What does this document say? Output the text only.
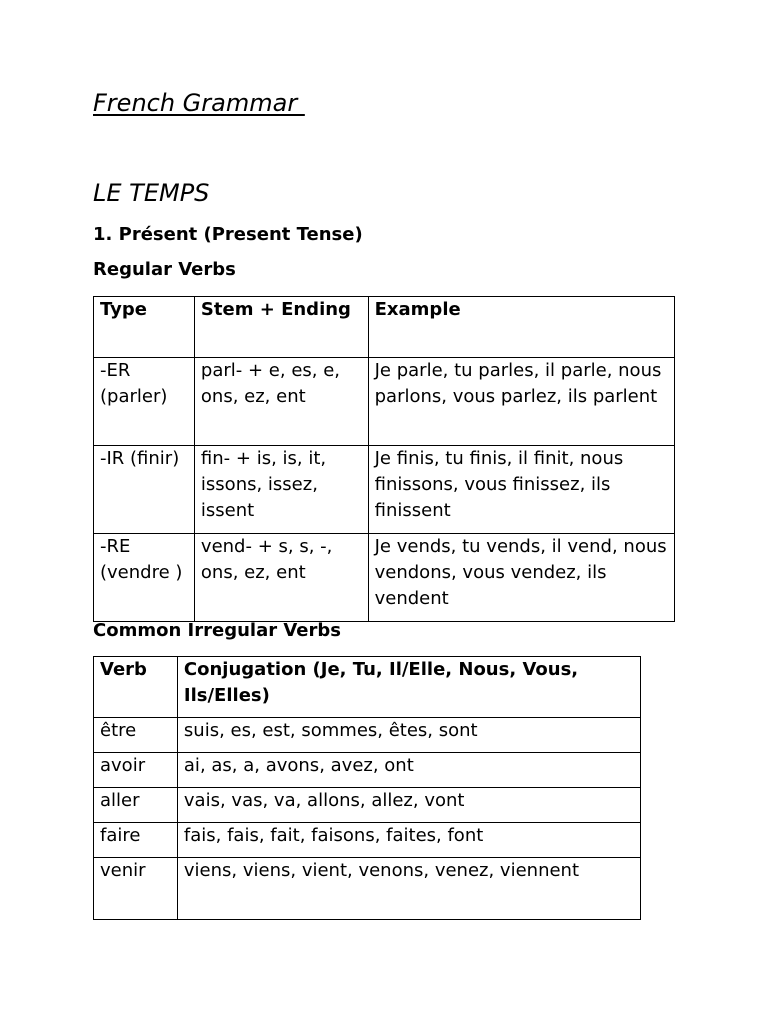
French Grammar
LE TEMPS
1. Présent (Present Tense)
Regular Verbs
Type	Stem + Ending	Example
-ER (parler)	parl- + e, es, e, ons, ez, ent	Je parle, tu parles, il parle, nous parlons, vous parlez, ils parlent
-IR (finir)	fin- + is, is, it, issons, issez, issent	Je finis, tu finis, il finit, nous finissons, vous finissez, ils finissent
-RE (vendre )	vend- + s, s, -, ons, ez, ent	Je vends, tu vends, il vend, nous vendons, vous vendez, ils vendent
Common Irregular Verbs
Verb	Conjugation (Je, Tu, Il/Elle, Nous, Vous, Ils/Elles)
être	suis, es, est, sommes, êtes, sont
avoir	ai, as, a, avons, avez, ont
aller	vais, vas, va, allons, allez, vont
faire	fais, fais, fait, faisons, faites, font
venir	viens, viens, vient, venons, venez, viennent
